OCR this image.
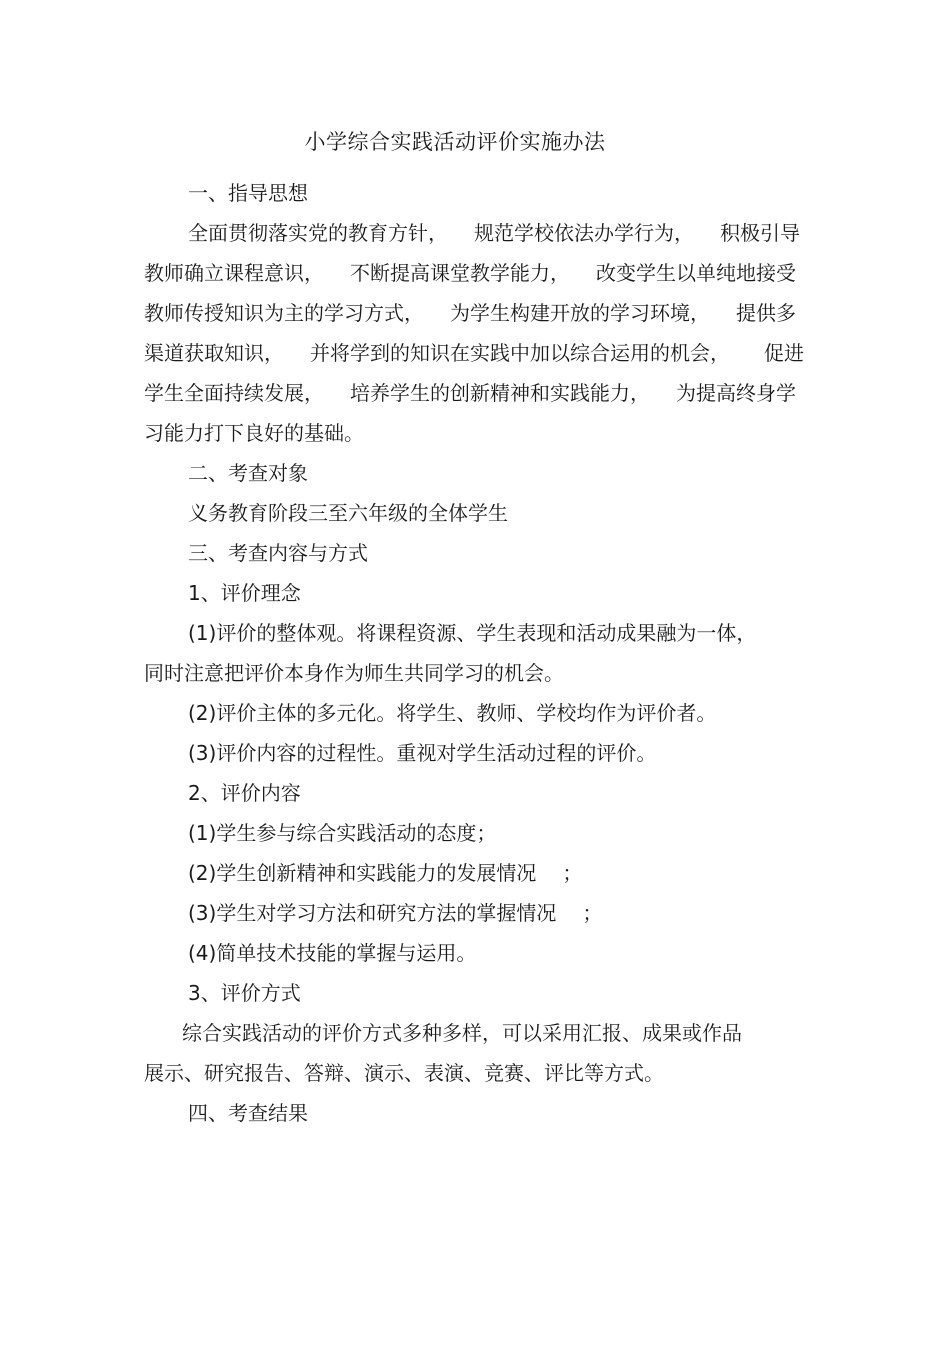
小学综合实践活动评价实施办法

一、指导思想

全面贯彻落实党的教育方针， 规范学校依法办学行为， 积极引导
教师确立课程意识， 不断提高课堂教学能力， 改变学生以单纯地接受
教师传授知识为主的学习方式， 为学生构建开放的学习环境， 提供多
渠道获取知识， 并将学到的知识在实践中加以综合运用的机会， 促进
学生全面持续发展， 培养学生的创新精神和实践能力， 为提高终身学
习能力打下良好的基础。

二、考查对象

义务教育阶段三至六年级的全体学生

三、考查内容与方式

1、评价理念

(1)评价的整体观。将课程资源、学生表现和活动成果融为一体，

同时注意把评价本身作为师生共同学习的机会。

(2)评价主体的多元化。将学生、教师、学校均作为评价者。

(3)评价内容的过程性。重视对学生活动过程的评价。

2、评价内容

(1)学生参与综合实践活动的态度；

(2)学生创新精神和实践能力的发展情况 ；

(3)学生对学习方法和研究方法的掌握情况 ；

(4)简单技术技能的掌握与运用。

3、评价方式

综合实践活动的评价方式多种多样，可以采用汇报、成果或作品

展示、研究报告、答辩、演示、表演、竞赛、评比等方式。

四、考查结果
